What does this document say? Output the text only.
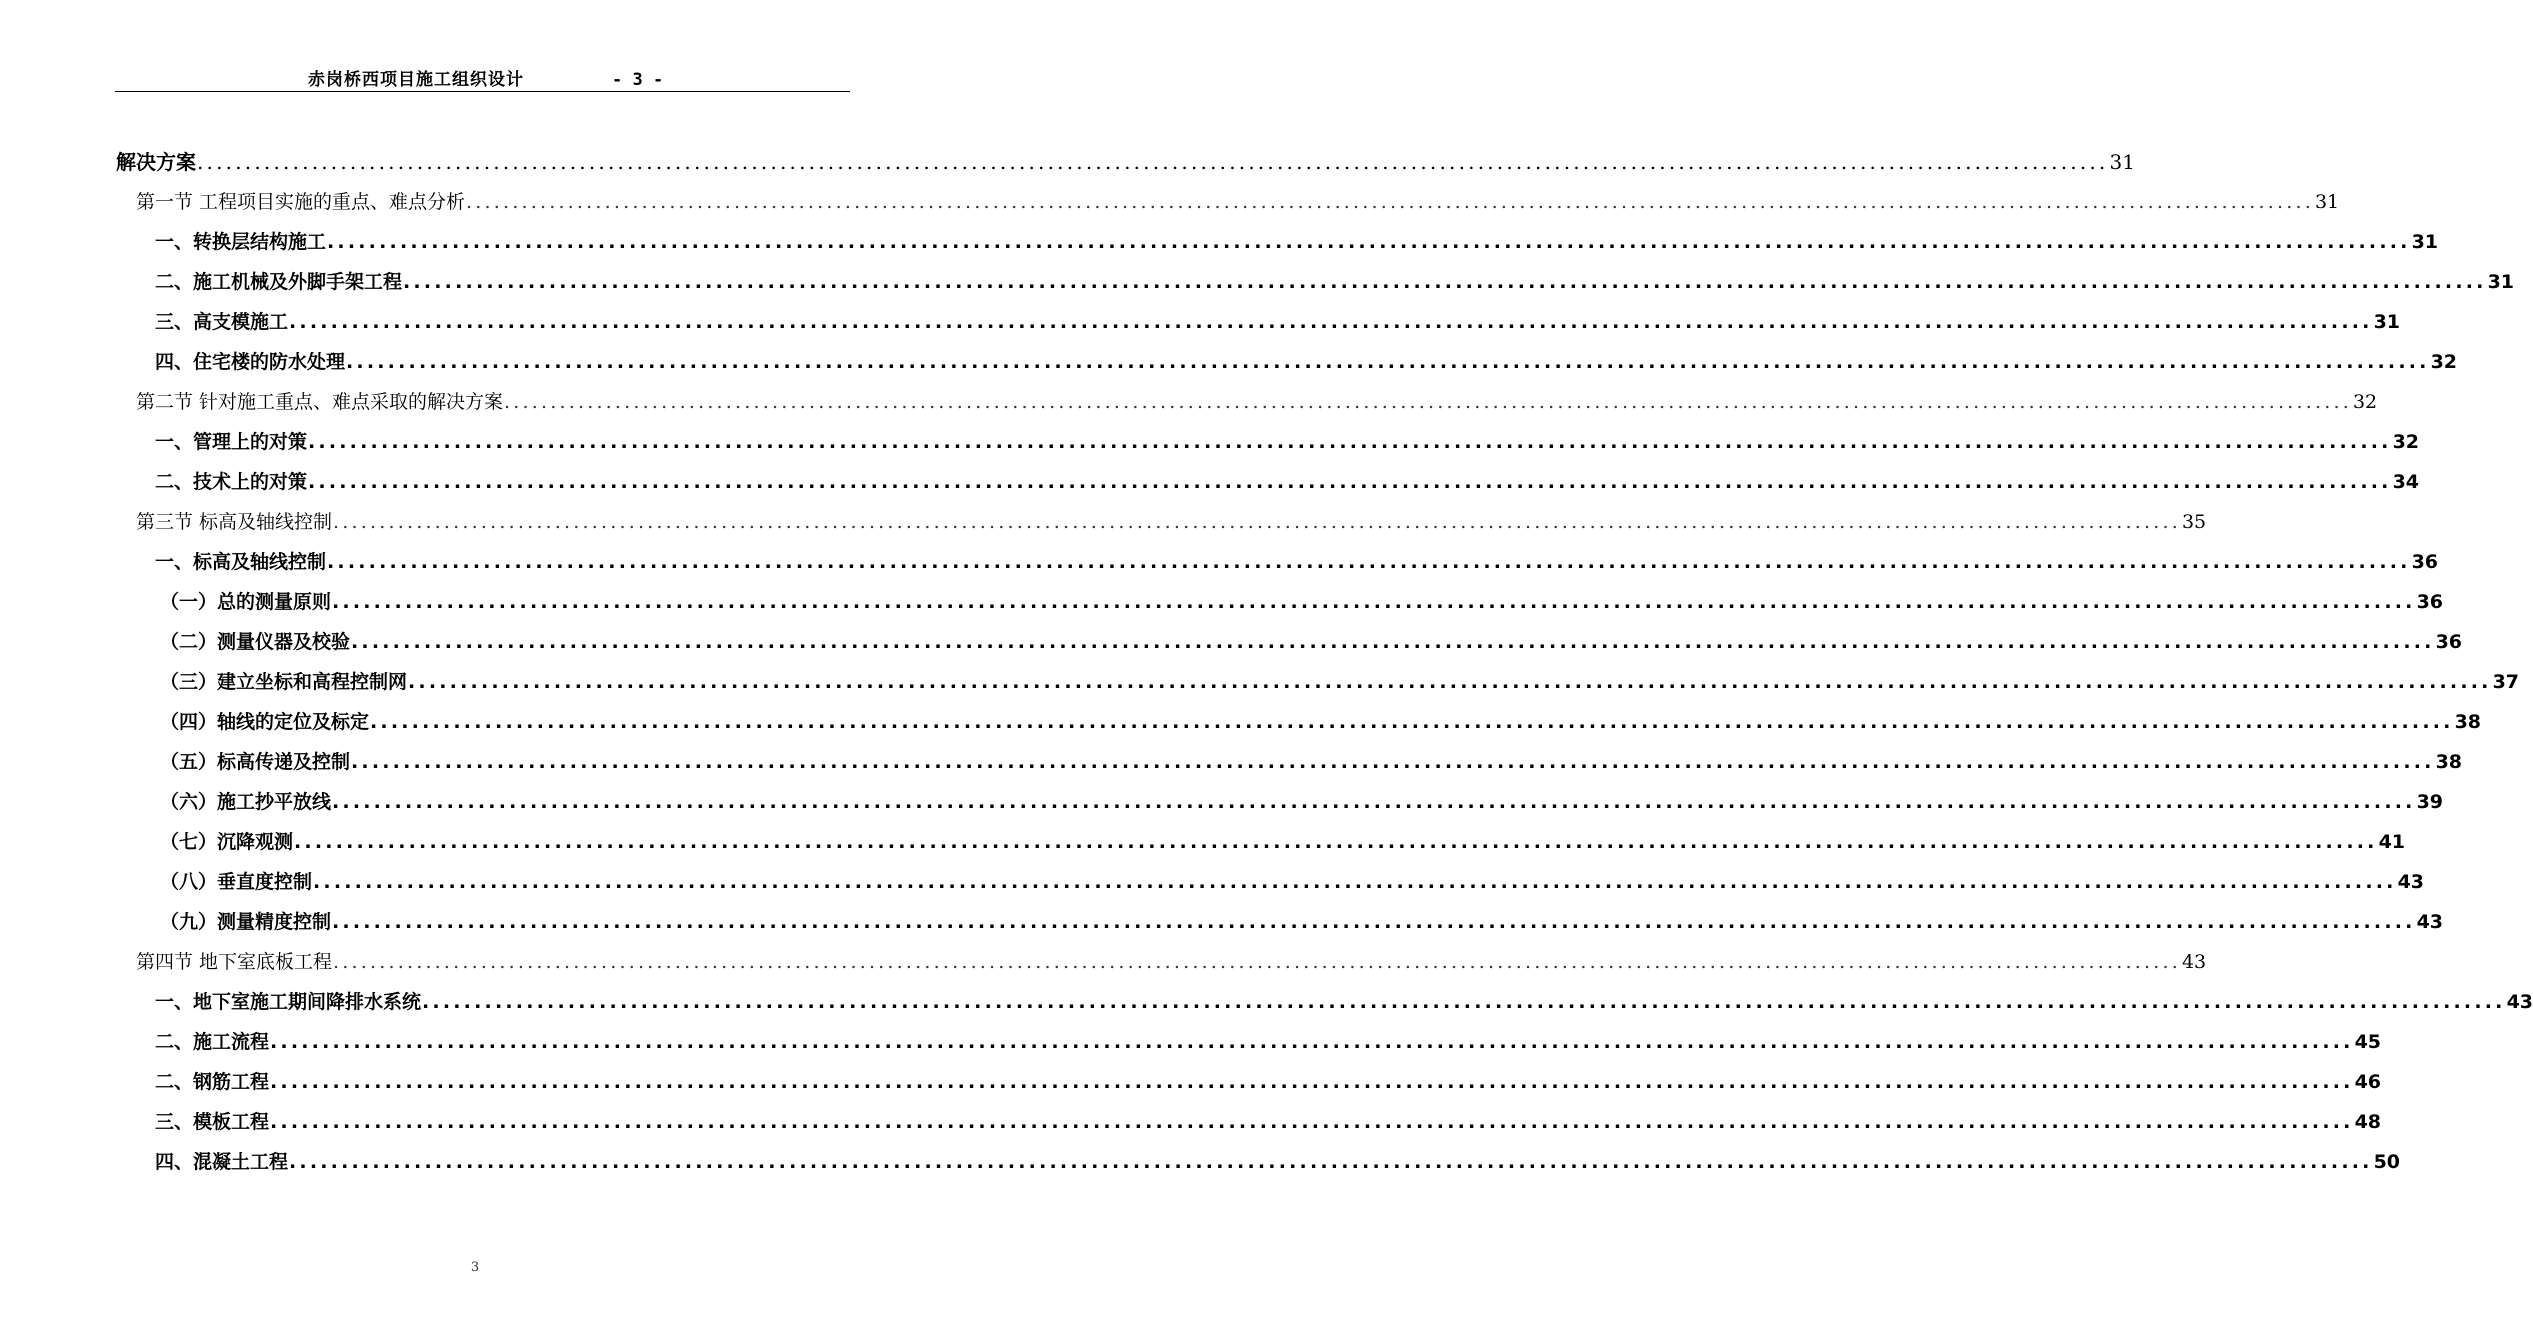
赤岗桥西项目施工组织设计	- 3 -
解决方案 ........................................................................................................................................................................................................ 31
第一节 工程项目实施的重点、难点分析 ........................................................................................................................................................................................................ 31
一、转换层结构施工 ........................................................................................................................................................................................................ 31
二、施工机械及外脚手架工程 ........................................................................................................................................................................................................ 31
三、高支模施工 ........................................................................................................................................................................................................ 31
四、住宅楼的防水处理 ........................................................................................................................................................................................................ 32
第二节 针对施工重点、难点采取的解决方案 ........................................................................................................................................................................................................ 32
一、管理上的对策 ........................................................................................................................................................................................................ 32
二、技术上的对策 ........................................................................................................................................................................................................ 34
第三节 标高及轴线控制 ........................................................................................................................................................................................................ 35
一、标高及轴线控制 ........................................................................................................................................................................................................ 36
（一）总的测量原则 ........................................................................................................................................................................................................ 36
（二）测量仪器及校验 ........................................................................................................................................................................................................ 36
（三）建立坐标和高程控制网 ........................................................................................................................................................................................................ 37
（四）轴线的定位及标定 ........................................................................................................................................................................................................ 38
（五）标高传递及控制 ........................................................................................................................................................................................................ 38
（六）施工抄平放线 ........................................................................................................................................................................................................ 39
（七）沉降观测 ........................................................................................................................................................................................................ 41
（八）垂直度控制 ........................................................................................................................................................................................................ 43
（九）测量精度控制 ........................................................................................................................................................................................................ 43
第四节 地下室底板工程 ........................................................................................................................................................................................................ 43
一、地下室施工期间降排水系统 ........................................................................................................................................................................................................ 43
二、施工流程 ........................................................................................................................................................................................................ 45
二、钢筋工程 ........................................................................................................................................................................................................ 46
三、模板工程 ........................................................................................................................................................................................................ 48
四、混凝土工程 ........................................................................................................................................................................................................ 50
3
